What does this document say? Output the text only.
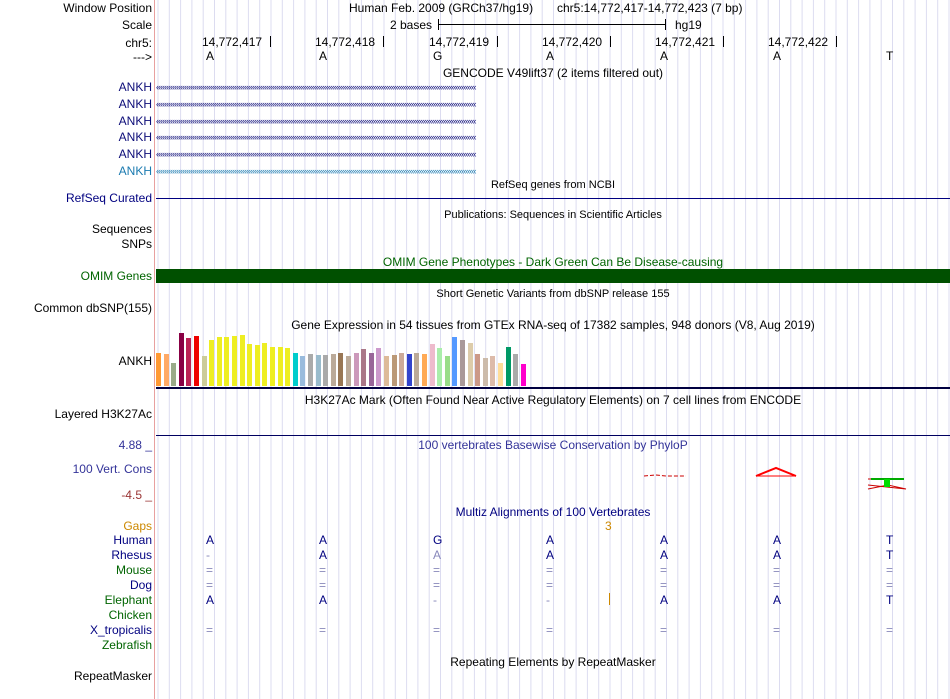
Window Position	Human Feb. 2009 (GRCh37/hg19) chr5:14,772,417-14,772,423 (7 bp)
Scale	2 bases	hg19
chr5:	14,772,417	14,772,418	14,772,419	14,772,420	14,772,421	14,772,422
--->	A	A	G	A	A	A	T
GENCODE V49lift37 (2 items filtered out)
ANKH ‹‹‹‹‹‹‹‹‹‹‹‹‹‹‹‹‹‹‹‹‹‹‹‹‹‹‹‹‹‹‹‹‹‹‹‹‹‹‹‹‹‹‹‹‹‹‹‹‹‹‹‹‹‹‹‹‹‹‹‹‹‹‹‹‹‹‹‹‹‹‹‹‹‹‹‹‹‹‹‹‹‹‹‹‹‹‹‹‹‹‹‹‹‹‹‹‹‹‹‹‹‹‹‹‹‹‹‹‹‹‹‹‹‹‹‹‹‹‹‹‹‹‹‹‹‹‹‹‹‹‹‹‹‹‹‹‹‹‹‹‹‹‹‹‹‹‹‹‹‹‹‹‹‹‹‹‹‹‹‹
ANKH ‹‹‹‹‹‹‹‹‹‹‹‹‹‹‹‹‹‹‹‹‹‹‹‹‹‹‹‹‹‹‹‹‹‹‹‹‹‹‹‹‹‹‹‹‹‹‹‹‹‹‹‹‹‹‹‹‹‹‹‹‹‹‹‹‹‹‹‹‹‹‹‹‹‹‹‹‹‹‹‹‹‹‹‹‹‹‹‹‹‹‹‹‹‹‹‹‹‹‹‹‹‹‹‹‹‹‹‹‹‹‹‹‹‹‹‹‹‹‹‹‹‹‹‹‹‹‹‹‹‹‹‹‹‹‹‹‹‹‹‹‹‹‹‹‹‹‹‹‹‹‹‹‹‹‹‹‹‹‹‹
ANKH ‹‹‹‹‹‹‹‹‹‹‹‹‹‹‹‹‹‹‹‹‹‹‹‹‹‹‹‹‹‹‹‹‹‹‹‹‹‹‹‹‹‹‹‹‹‹‹‹‹‹‹‹‹‹‹‹‹‹‹‹‹‹‹‹‹‹‹‹‹‹‹‹‹‹‹‹‹‹‹‹‹‹‹‹‹‹‹‹‹‹‹‹‹‹‹‹‹‹‹‹‹‹‹‹‹‹‹‹‹‹‹‹‹‹‹‹‹‹‹‹‹‹‹‹‹‹‹‹‹‹‹‹‹‹‹‹‹‹‹‹‹‹‹‹‹‹‹‹‹‹‹‹‹‹‹‹‹‹‹‹
ANKH ‹‹‹‹‹‹‹‹‹‹‹‹‹‹‹‹‹‹‹‹‹‹‹‹‹‹‹‹‹‹‹‹‹‹‹‹‹‹‹‹‹‹‹‹‹‹‹‹‹‹‹‹‹‹‹‹‹‹‹‹‹‹‹‹‹‹‹‹‹‹‹‹‹‹‹‹‹‹‹‹‹‹‹‹‹‹‹‹‹‹‹‹‹‹‹‹‹‹‹‹‹‹‹‹‹‹‹‹‹‹‹‹‹‹‹‹‹‹‹‹‹‹‹‹‹‹‹‹‹‹‹‹‹‹‹‹‹‹‹‹‹‹‹‹‹‹‹‹‹‹‹‹‹‹‹‹‹‹‹‹
ANKH ‹‹‹‹‹‹‹‹‹‹‹‹‹‹‹‹‹‹‹‹‹‹‹‹‹‹‹‹‹‹‹‹‹‹‹‹‹‹‹‹‹‹‹‹‹‹‹‹‹‹‹‹‹‹‹‹‹‹‹‹‹‹‹‹‹‹‹‹‹‹‹‹‹‹‹‹‹‹‹‹‹‹‹‹‹‹‹‹‹‹‹‹‹‹‹‹‹‹‹‹‹‹‹‹‹‹‹‹‹‹‹‹‹‹‹‹‹‹‹‹‹‹‹‹‹‹‹‹‹‹‹‹‹‹‹‹‹‹‹‹‹‹‹‹‹‹‹‹‹‹‹‹‹‹‹‹‹‹‹‹
ANKH ‹‹‹‹‹‹‹‹‹‹‹‹‹‹‹‹‹‹‹‹‹‹‹‹‹‹‹‹‹‹‹‹‹‹‹‹‹‹‹‹‹‹‹‹‹‹‹‹‹‹‹‹‹‹‹‹‹‹‹‹‹‹‹‹‹‹‹‹‹‹‹‹‹‹‹‹‹‹‹‹‹‹‹‹‹‹‹‹‹‹‹‹‹‹‹‹‹‹‹‹‹‹‹‹‹‹‹‹‹‹‹‹‹‹‹‹‹‹‹‹‹‹‹‹‹‹‹‹‹‹‹‹‹‹‹‹‹‹‹‹‹‹‹‹‹‹‹‹‹‹‹‹‹‹‹‹‹‹‹‹
RefSeq genes from NCBI
RefSeq Curated
Publications: Sequences in Scientific Articles
Sequences
SNPs
OMIM Gene Phenotypes - Dark Green Can Be Disease-causing
OMIM Genes
Short Genetic Variants from dbSNP release 155
Common dbSNP(155)
Gene Expression in 54 tissues from GTEx RNA-seq of 17382 samples, 948 donors (V8, Aug 2019)
ANKH
H3K27Ac Mark (Often Found Near Active Regulatory Elements) on 7 cell lines from ENCODE
Layered H3K27Ac
4.88 _	100 vertebrates Basewise Conservation by PhyloP
100 Vert. Cons
-4.5 _
Multiz Alignments of 100 Vertebrates
Gaps	3
Human	A	A	G	A	A	A	T
Rhesus	-	A	A	A	A	A	T
Mouse	=	=	=	=	=	=	=
Dog	=	=	=	=	=	=	=
Elephant	A	A	-	-	A	A	T
Chicken
X_tropicalis	=	=	=	=	=	=	=
Zebrafish
Repeating Elements by RepeatMasker
RepeatMasker
